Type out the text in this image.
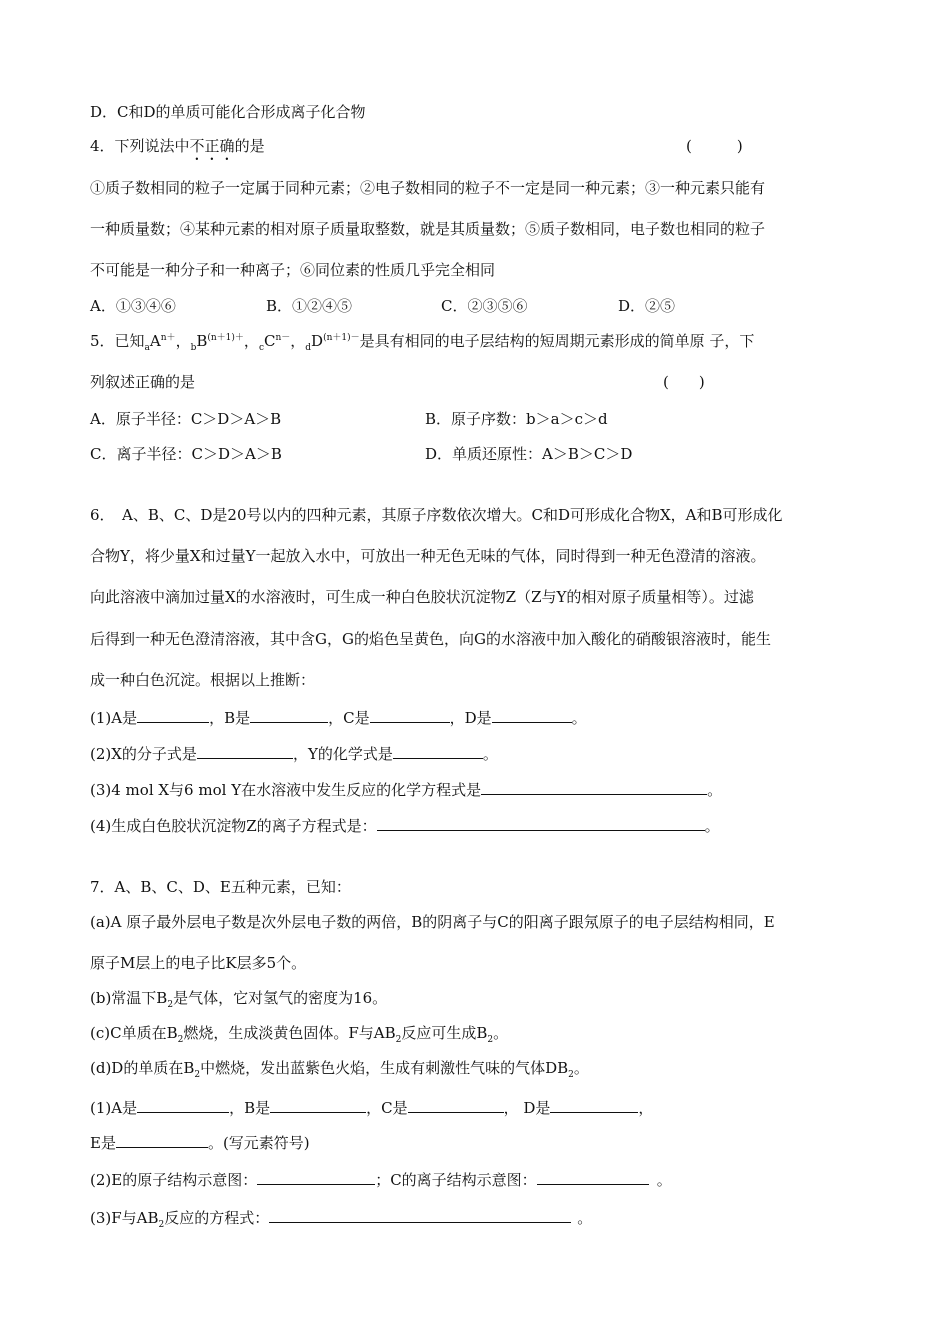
D．C和D的单质可能化合形成离子化合物
4．下列说法中不正确的是	(　　　)
①质子数相同的粒子一定属于同种元素；②电子数相同的粒子不一定是同一种元素；③一种元素只能有
一种质量数；④某种元素的相对原子质量取整数，就是其质量数；⑤质子数相同，电子数也相同的粒子
不可能是一种分子和一种离子；⑥同位素的性质几乎完全相同
A．①③④⑥	B．①②④⑤	C．②③⑤⑥	D．②⑤
5．已知$_aA^{n+}$，$_bB^{(n+1)+}$，$_cC^{n-}$，$_dD^{(n+1)-}$是具有相同的电子层结构的短周期元素形成的简单原 子，下
列叙述正确的是	(　　)
A．原子半径：C＞D＞A＞B	B．原子序数：b＞a＞c＞d
C．离子半径：C＞D＞A＞B	D．单质还原性：A＞B＞C＞D
6．　A、B、C、D是20号以内的四种元素，其原子序数依次增大。C和D可形成化合物X，A和B可形成化
合物Y，将少量X和过量Y一起放入水中，可放出一种无色无味的气体，同时得到一种无色澄清的溶液。
向此溶液中滴加过量X的水溶液时，可生成一种白色胶状沉淀物Z（Z与Y的相对原子质量相等）。过滤
后得到一种无色澄清溶液，其中含G，G的焰色呈黄色，向G的水溶液中加入酸化的硝酸银溶液时，能生
成一种白色沉淀。根据以上推断：
(1)A是	，B是	，C是	，D是	。
(2)X的分子式是	，Y的化学式是	。
(3)4 mol X与6 mol Y在水溶液中发生反应的化学方程式是	。
(4)生成白色胶状沉淀物Z的离子方程式是：	。
7．A、B、C、D、E五种元素，已知：
(a)A 原子最外层电子数是次外层电子数的两倍，B的阴离子与C的阳离子跟氖原子的电子层结构相同，E
原子M层上的电子比K层多5个。
(b)常温下$B_2$是气体，它对氢气的密度为16。
(c)C单质在$B_2$燃烧，生成淡黄色固体。F与$AB_2$反应可生成$B_2$。
(d)D的单质在$B_2$中燃烧，发出蓝紫色火焰，生成有刺激性气味的气体$DB_2$。
(1)A是	，B是	，C是	， D是	，
E是	。(写元素符号)
(2)E的原子结构示意图：	；C的离子结构示意图：	。
(3)F与$AB_2$反应的方程式：	。
